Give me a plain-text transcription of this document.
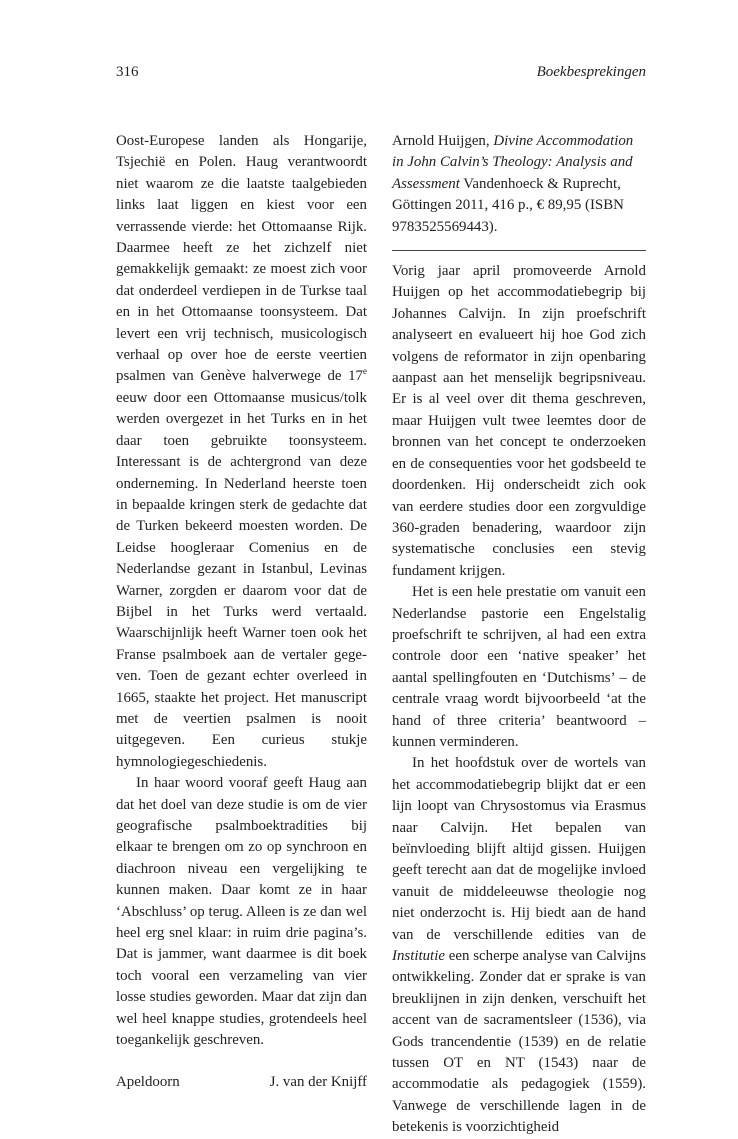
316	Boekbesprekingen

Oost-Europese landen als Hongarije, Tsjechië en Polen. Haug verantwoordt niet waarom ze die laatste taalgebieden links laat liggen en kiest voor een verrassende vierde: het Ottomaanse Rijk. Daarmee heeft ze het zichzelf niet gemakkelijk gemaakt: ze moest zich voor dat onderdeel verdiepen in de Turkse taal en in het Ottomaanse toonsysteem. Dat levert een vrij technisch, musicologisch verhaal op over hoe de eerste veertien psalmen van Genève halverwege de 17e eeuw door een Ottomaanse musicus/tolk werden overgezet in het Turks en in het daar toen gebruikte toonsysteem. Interessant is de achtergrond van deze onderneming. In Nederland heerste toen in bepaalde kringen sterk de gedachte dat de Turken bekeerd moesten worden. De Leidse hoogleraar Comenius en de Nederlandse gezant in Istanbul, Levinas Warner, zorgden er daarom voor dat de Bijbel in het Turks werd vertaald. Waarschijnlijk heeft Warner toen ook het Franse psalmboek aan de vertaler gegeven. Toen de gezant echter overleed in 1665, staakte het project. Het manuscript met de veertien psalmen is nooit uitgegeven. Een curieus stukje hymnologiegeschiedenis.

In haar woord vooraf geeft Haug aan dat het doel van deze studie is om de vier geografische psalmboektradities bij elkaar te brengen om zo op synchroon en diachroon niveau een vergelijking te kunnen maken. Daar komt ze in haar ‘Abschluss’ op terug. Alleen is ze dan wel heel erg snel klaar: in ruim drie pagina’s. Dat is jammer, want daarmee is dit boek toch vooral een verzameling van vier losse studies geworden. Maar dat zijn dan wel heel knappe studies, grotendeels heel toegankelijk geschreven.

Apeldoorn	J. van der Knijff

Arnold Huijgen, Divine Accommodation in John Calvin’s Theology: Analysis and Assessment Vandenhoeck & Ruprecht, Göttingen 2011, 416 p., € 89,95 (ISBN 9783525569443).

Vorig jaar april promoveerde Arnold Huijgen op het accommodatiebegrip bij Johannes Calvijn. In zijn proefschrift analyseert en evalueert hij hoe God zich volgens de reformator in zijn openbaring aanpast aan het menselijk begripsniveau. Er is al veel over dit thema geschreven, maar Huijgen vult twee leemtes door de bronnen van het concept te onderzoeken en de consequenties voor het godsbeeld te doordenken. Hij onderscheidt zich ook van eerdere studies door een zorgvuldige 360-graden benadering, waardoor zijn systematische conclusies een stevig fundament krijgen.

Het is een hele prestatie om vanuit een Nederlandse pastorie een Engelstalig proefschrift te schrijven, al had een extra controle door een ‘native speaker’ het aantal spellingfouten en ‘Dutchisms’ – de centrale vraag wordt bijvoorbeeld ‘at the hand of three criteria’ beantwoord – kunnen verminderen.

In het hoofdstuk over de wortels van het accommodatiebegrip blijkt dat er een lijn loopt van Chrysostomus via Erasmus naar Calvijn. Het bepalen van beïnvloeding blijft altijd gissen. Huijgen geeft terecht aan dat de mogelijke invloed vanuit de middeleeuwse theologie nog niet onderzocht is. Hij biedt aan de hand van de verschillende edities van de Institutie een scherpe analyse van Calvijns ontwikkeling. Zonder dat er sprake is van breuklijnen in zijn denken, verschuift het accent van de sacramentsleer (1536), via Gods trancendentie (1539) en de relatie tussen OT en NT (1543) naar de accommodatie als pedagogiek (1559). Vanwege de verschillende lagen in de betekenis is voorzichtigheid
